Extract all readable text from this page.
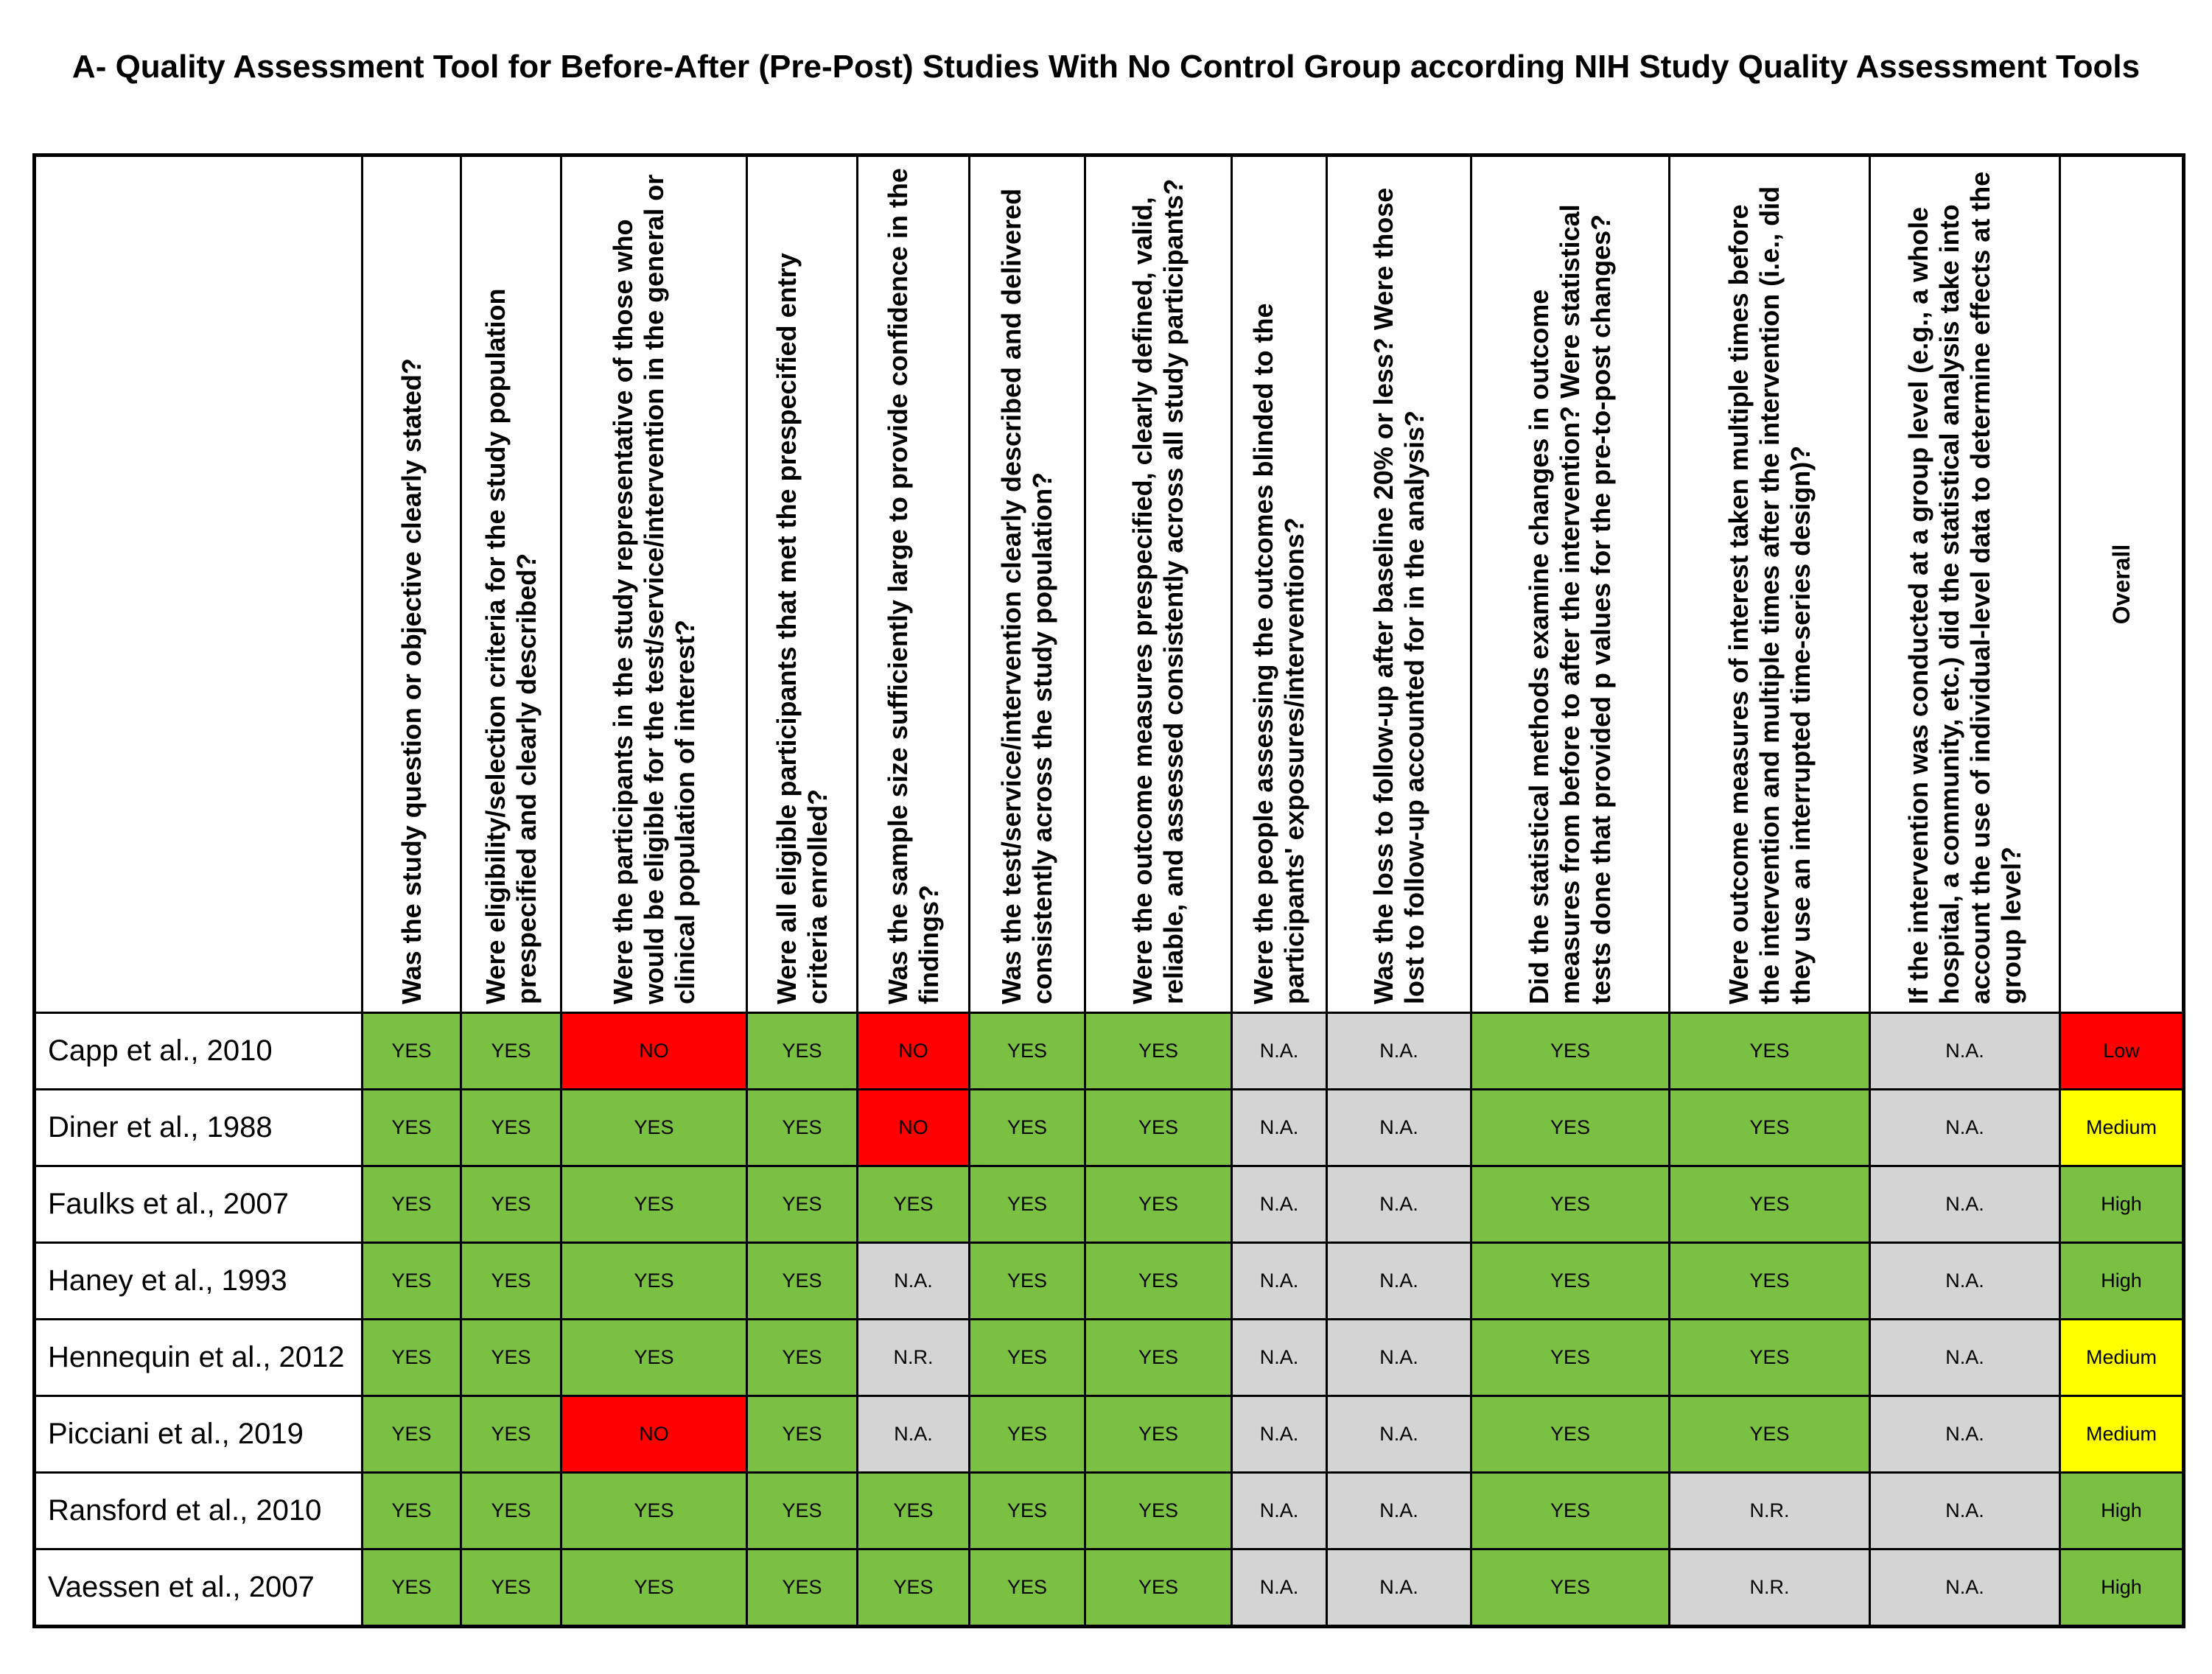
A- Quality Assessment Tool for Before-After (Pre-Post) Studies With No Control Group according NIH Study Quality Assessment Tools

	Was the study question or objective clearly stated?	Were eligibility/selection criteria for the study population prespecified and clearly described?	Were the participants in the study representative of those who would be eligible for the test/service/intervention in the general or clinical population of interest?	Were all eligible participants that met the prespecified entry criteria enrolled?	Was the sample size sufficiently large to provide confidence in the findings?	Was the test/service/intervention clearly described and delivered consistently across the study population?	Were the outcome measures prespecified, clearly defined, valid, reliable, and assessed consistently across all study participants?	Were the people assessing the outcomes blinded to the participants' exposures/interventions?	Was the loss to follow-up after baseline 20% or less? Were those lost to follow-up accounted for in the analysis?	Did the statistical methods examine changes in outcome measures from before to after the intervention? Were statistical tests done that provided p values for the pre-to-post changes?	Were outcome measures of interest taken multiple times before the intervention and multiple times after the intervention (i.e., did they use an interrupted time-series design)?	If the intervention was conducted at a group level (e.g., a whole hospital, a community, etc.) did the statistical analysis take into account the use of individual-level data to determine effects at the group level?	Overall

Capp et al., 2010	YES	YES	NO	YES	NO	YES	YES	N.A.	N.A.	YES	YES	N.A.	Low
Diner et al., 1988	YES	YES	YES	YES	NO	YES	YES	N.A.	N.A.	YES	YES	N.A.	Medium
Faulks et al., 2007	YES	YES	YES	YES	YES	YES	YES	N.A.	N.A.	YES	YES	N.A.	High
Haney et al., 1993	YES	YES	YES	YES	N.A.	YES	YES	N.A.	N.A.	YES	YES	N.A.	High
Hennequin et al., 2012	YES	YES	YES	YES	N.R.	YES	YES	N.A.	N.A.	YES	YES	N.A.	Medium
Picciani et al., 2019	YES	YES	NO	YES	N.A.	YES	YES	N.A.	N.A.	YES	YES	N.A.	Medium
Ransford et al., 2010	YES	YES	YES	YES	YES	YES	YES	N.A.	N.A.	YES	N.R.	N.A.	High
Vaessen et al., 2007	YES	YES	YES	YES	YES	YES	YES	N.A.	N.A.	YES	N.R.	N.A.	High
